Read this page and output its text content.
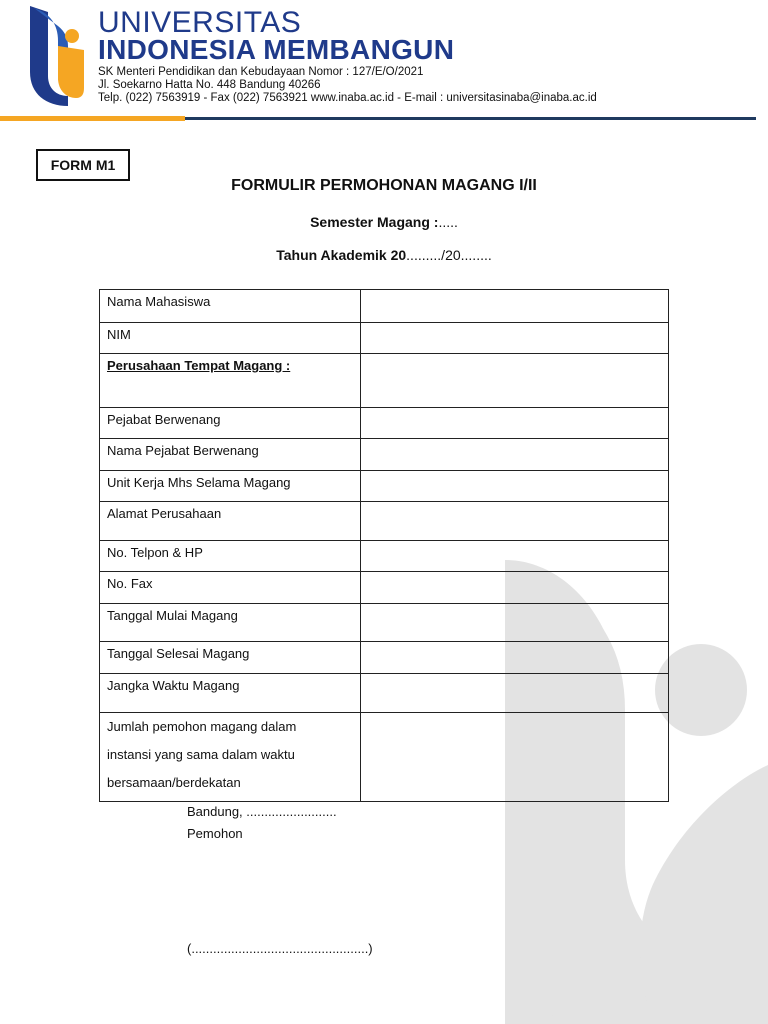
UNIVERSITAS
INDONESIA MEMBANGUN
SK Menteri Pendidikan dan Kebudayaan Nomor : 127/E/O/2021
Jl. Soekarno Hatta No. 448 Bandung 40266
Telp. (022) 7563919 - Fax (022) 7563921 www.inaba.ac.id - E-mail : universitasinaba@inaba.ac.id
FORM M1
FORMULIR PERMOHONAN MAGANG I/II
Semester Magang :.....
Tahun Akademik 20........./20........
Nama Mahasiswa	
NIM	
Perusahaan Tempat Magang :	
Pejabat Berwenang	
Nama Pejabat Berwenang	
Unit Kerja Mhs Selama Magang	
Alamat Perusahaan	
No. Telpon & HP	
No. Fax	
Tanggal Mulai Magang	
Tanggal Selesai Magang	
Jangka Waktu Magang	

Jumlah pemohon magang dalam
instansi yang sama dalam waktu
bersamaan/berdekatan	

Bandung, .........................
Pemohon
(.................................................)
